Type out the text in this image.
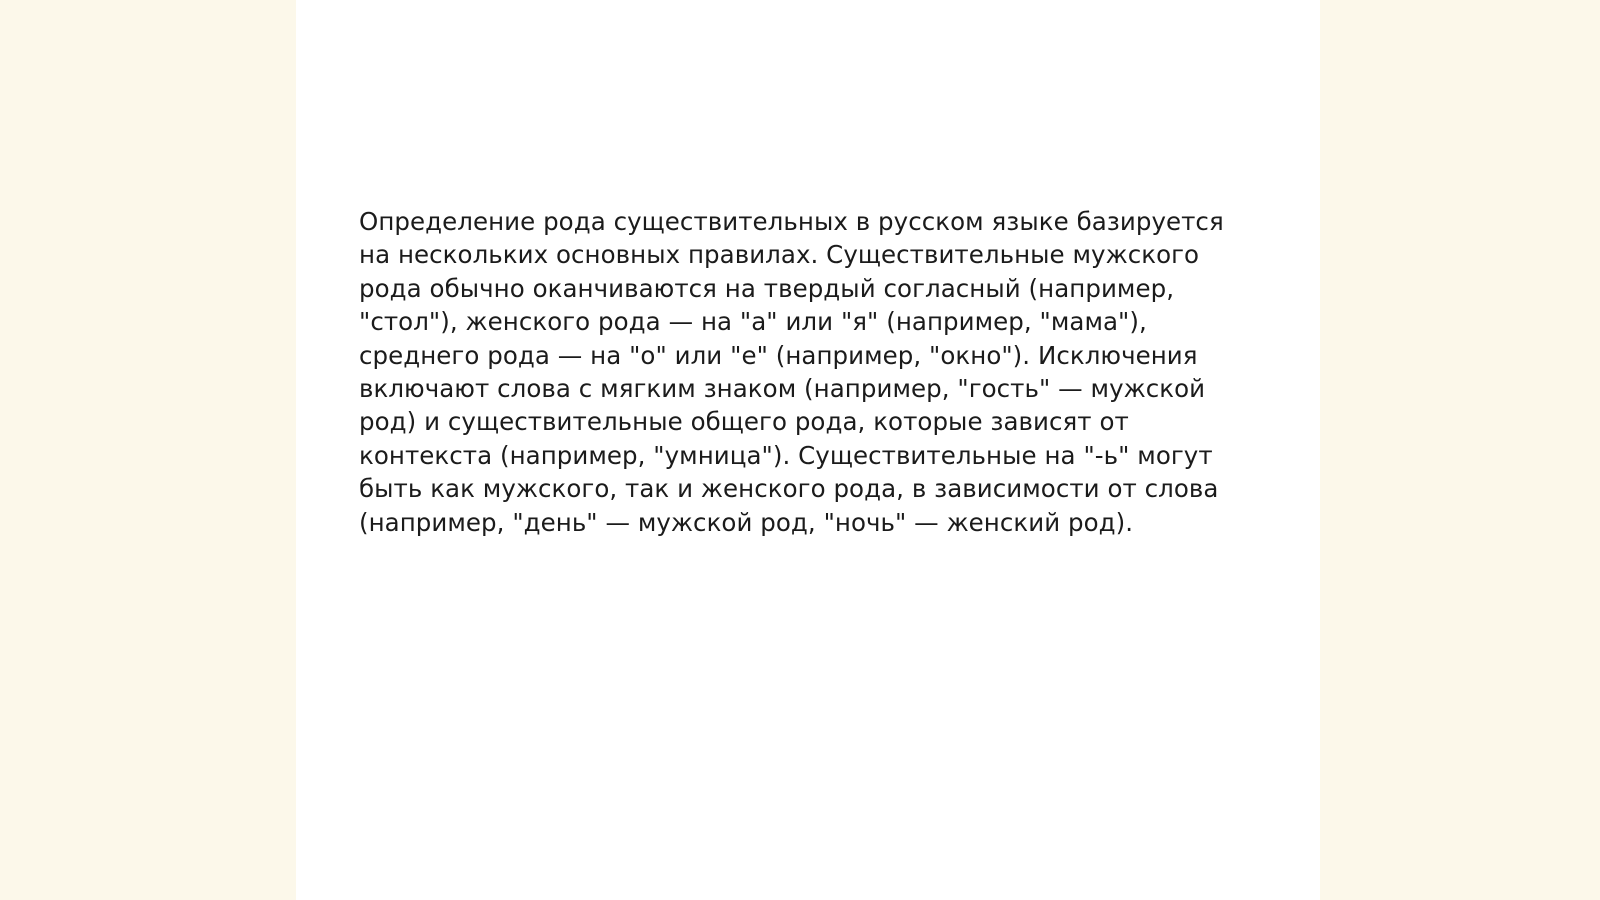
Определение рода существительных в русском языке базируется на нескольких основных правилах. Существительные мужского рода обычно оканчиваются на твердый согласный (например, "стол"), женского рода — на "а" или "я" (например, "мама"), среднего рода — на "о" или "е" (например, "окно"). Исключения включают слова с мягким знаком (например, "гость" — мужской род) и существительные общего рода, которые зависят от контекста (например, "умница"). Существительные на "-ь" могут быть как мужского, так и женского рода, в зависимости от слова (например, "день" — мужской род, "ночь" — женский род).
